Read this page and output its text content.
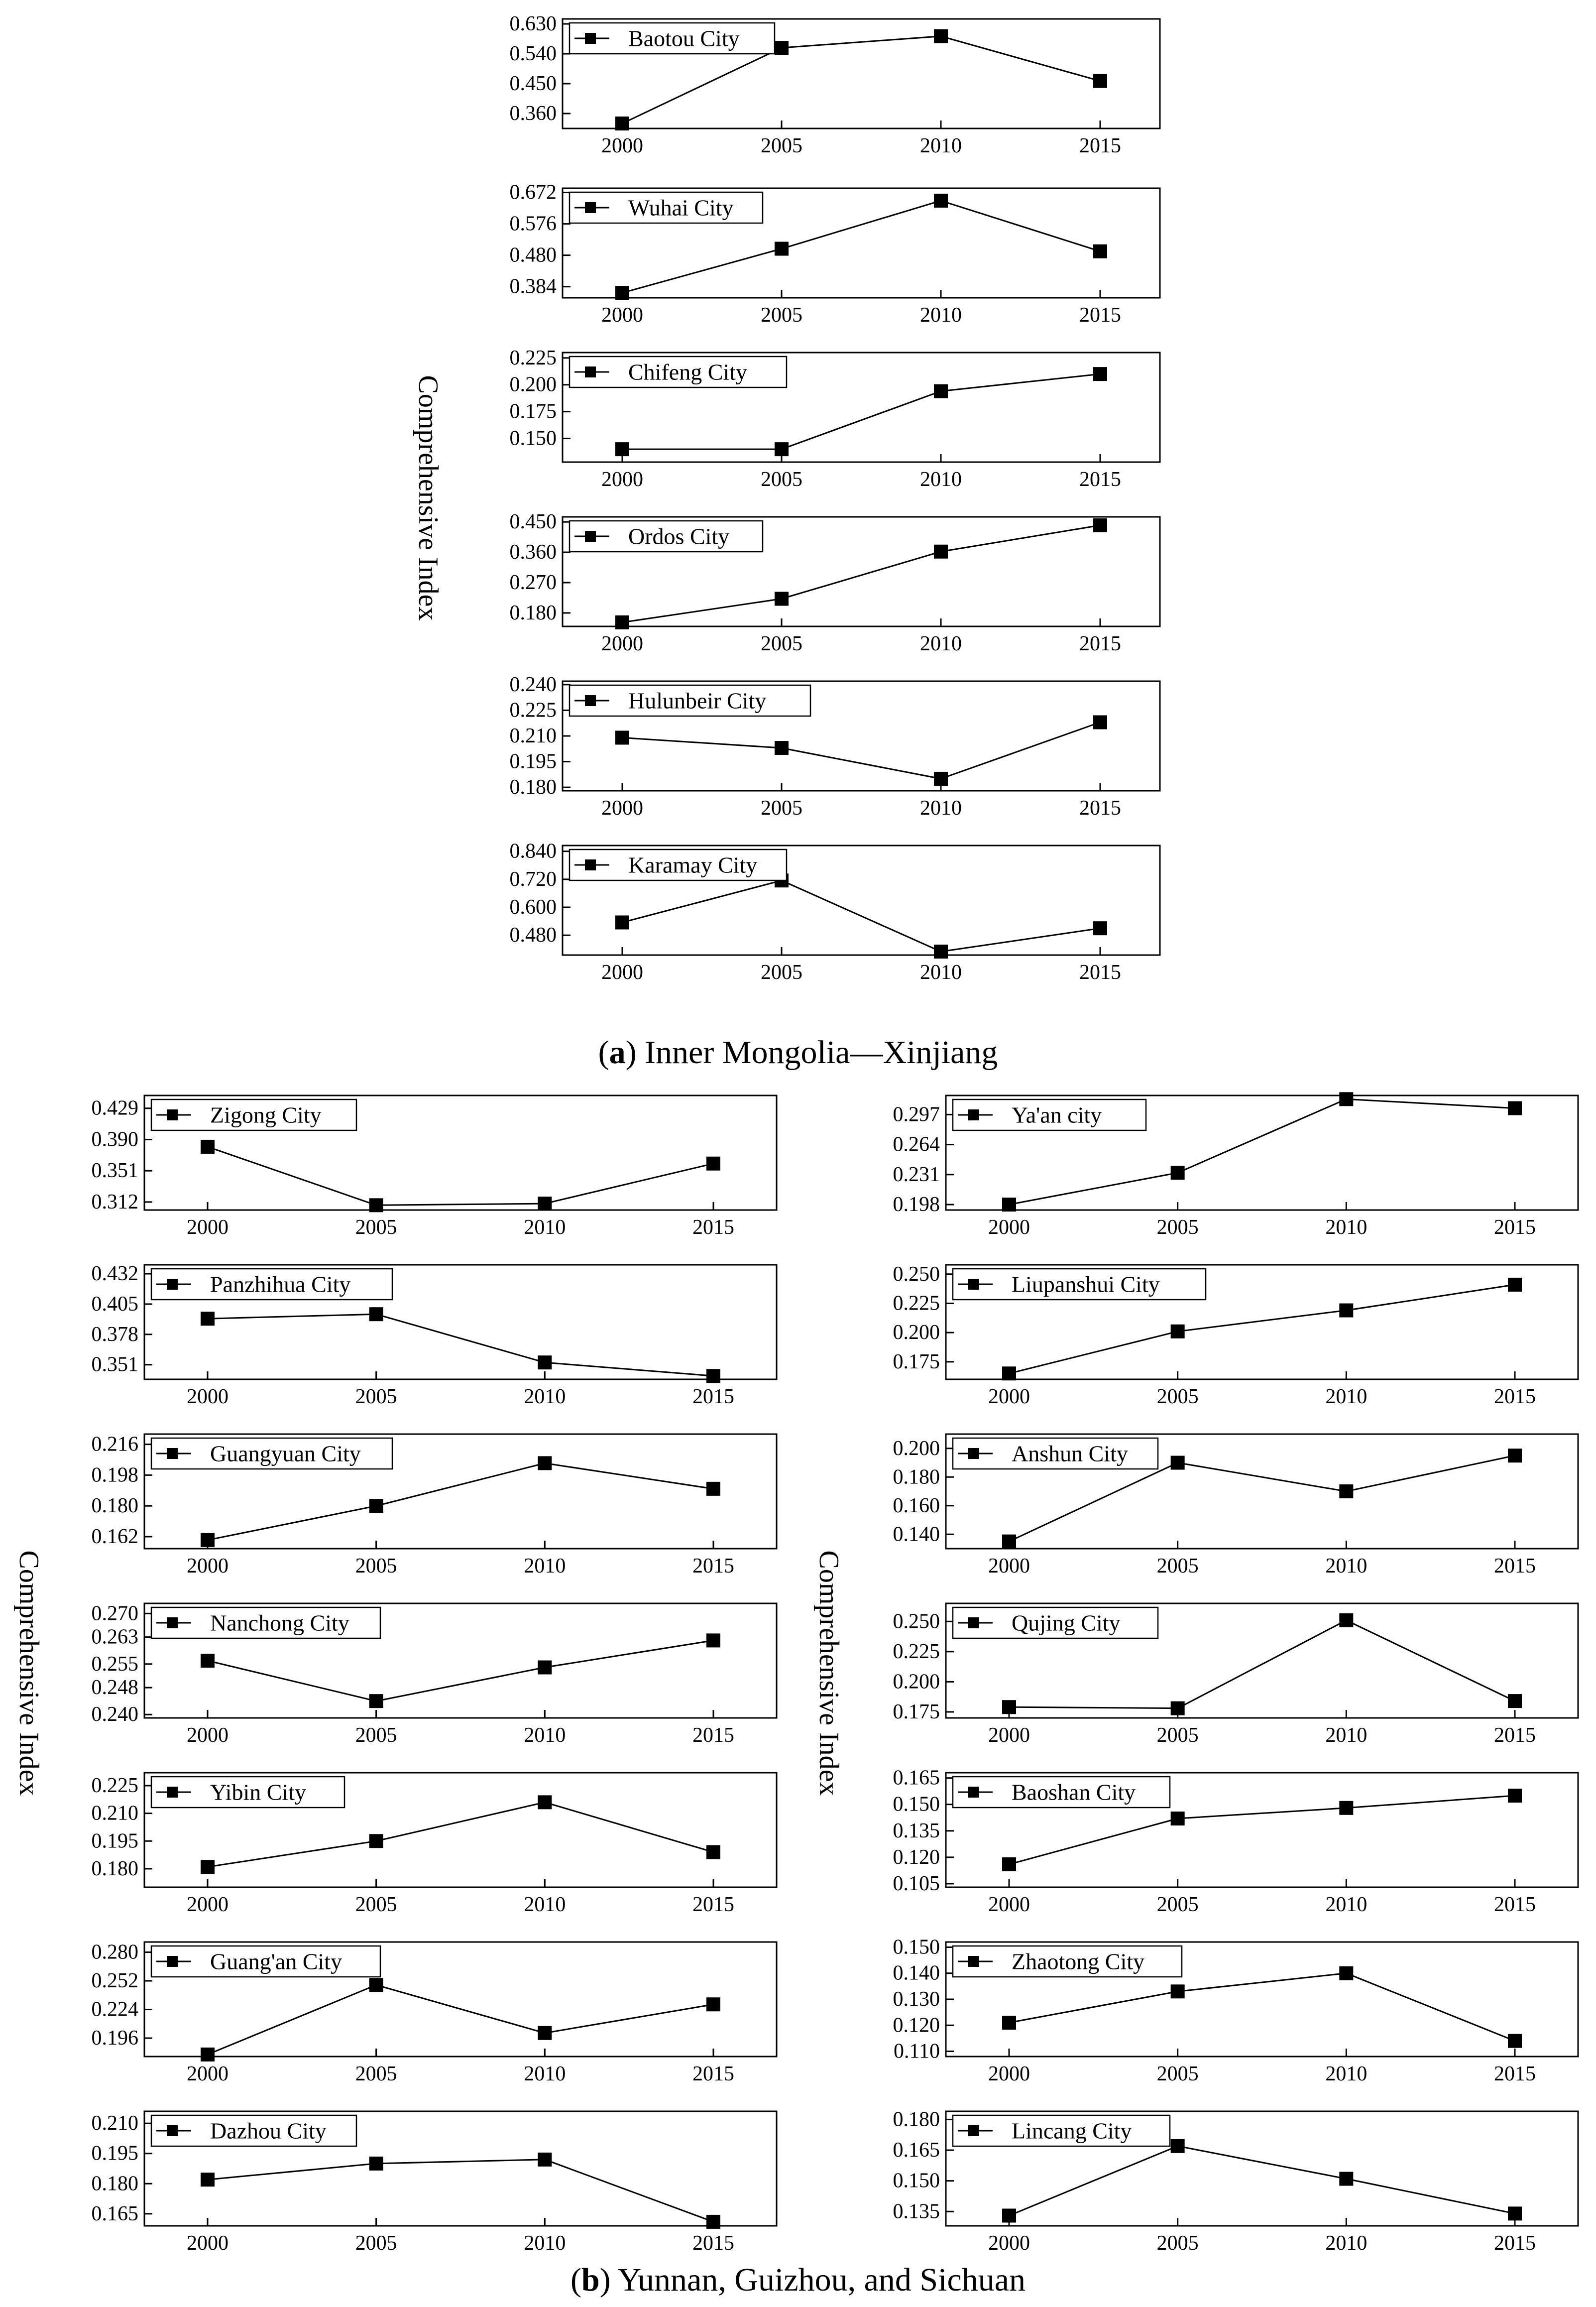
0.360
0.450
0.540
0.630
2000	2005	2010	2015
Baotou City
0.384
0.480
0.576
0.672
2000	2005	2010	2015
Wuhai City
0.150
0.175
0.200
0.225
2000	2005	2010	2015
Chifeng City
0.180
0.270
0.360
0.450
2000	2005	2010	2015
Ordos City
0.180
0.195
0.210
0.225
0.240
2000	2005	2010	2015
Hulunbeir City
0.480
0.600
0.720
0.840
2000	2005	2010	2015
Karamay City
0.312
0.351
0.390
0.429
2000	2005	2010	2015
Zigong City
0.351
0.378
0.405
0.432
2000	2005	2010	2015
Panzhihua City
0.162
0.180
0.198
0.216
2000	2005	2010	2015
Guangyuan City
0.240
0.248
0.255
0.263
0.270
2000	2005	2010	2015
Nanchong City
0.180
0.195
0.210
0.225
2000	2005	2010	2015
Yibin City
0.196
0.224
0.252
0.280
2000	2005	2010	2015
Guang'an City
0.165
0.180
0.195
0.210
2000	2005	2010	2015
Dazhou City
0.198
0.231
0.264
0.297
2000	2005	2010	2015
Ya'an city
0.175
0.200
0.225
0.250
2000	2005	2010	2015
Liupanshui City
0.140
0.160
0.180
0.200
2000	2005	2010	2015
Anshun City
0.175
0.200
0.225
0.250
2000	2005	2010	2015
Qujing City
0.105
0.120
0.135
0.150
0.165
2000	2005	2010	2015
Baoshan City
0.110
0.120
0.130
0.140
0.150
2000	2005	2010	2015
Zhaotong City
0.135
0.150
0.165
0.180
2000	2005	2010	2015
Lincang City
Comprehensive Index
Comprehensive Index	Comprehensive Index
(a) Inner Mongolia—Xinjiang
(b) Yunnan, Guizhou, and Sichuan
